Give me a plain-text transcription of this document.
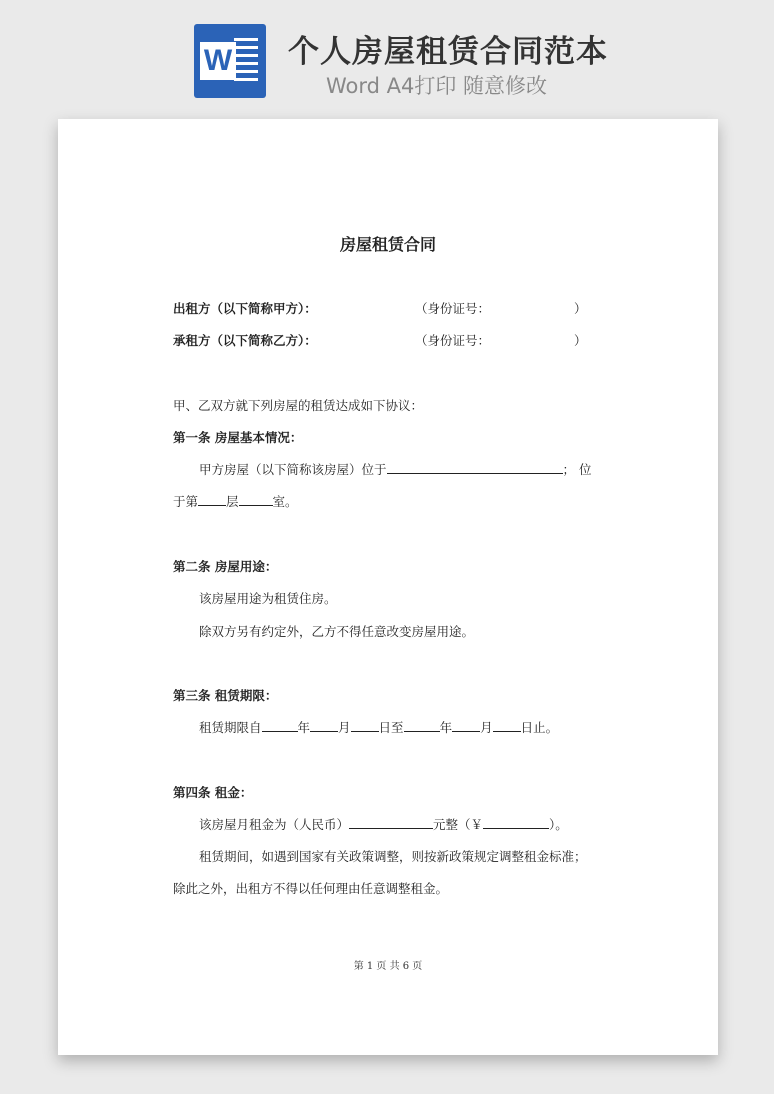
W 个人房屋租赁合同范本
Word A4打印 随意修改
房屋租赁合同
出租方（以下简称甲方）：	（身份证号：	）
承租方（以下简称乙方）：	（身份证号：	）
甲、乙双方就下列房屋的租赁达成如下协议：
第一条 房屋基本情况：
甲方房屋（以下简称该房屋）位于	； 位
于第 层	室。
第二条 房屋用途：
该房屋用途为租赁住房。
除双方另有约定外，乙方不得任意改变房屋用途。
第三条 租赁期限：
租赁期限自	年 月 日至	年 月 日止。
第四条 租金：
该房屋月租金为（人民币）	元整（￥	）。
租赁期间，如遇到国家有关政策调整，则按新政策规定调整租金标准；
除此之外，出租方不得以任何理由任意调整租金。
第 1 页 共 6 页
